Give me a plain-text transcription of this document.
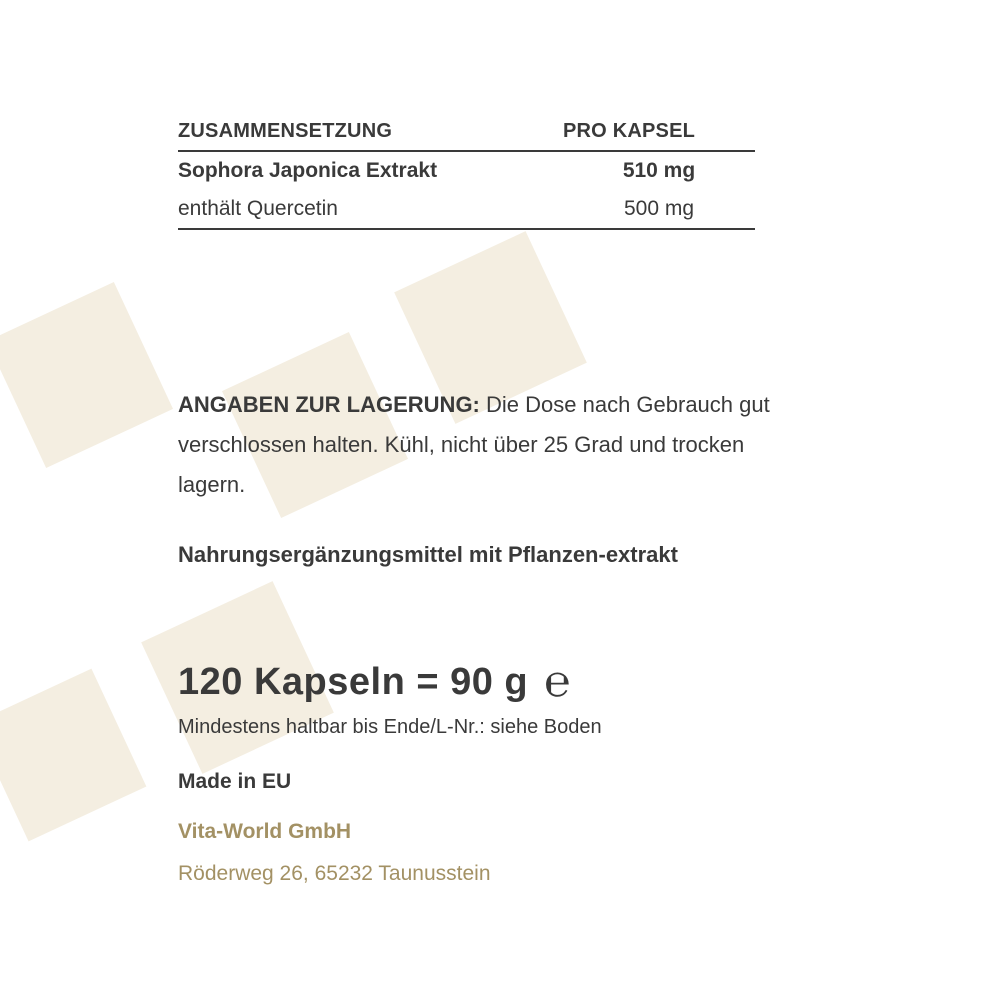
ZUSAMMENSETZUNG	PRO KAPSEL
Sophora Japonica Extrakt	510 mg
enthält Quercetin	500 mg
ANGABEN ZUR LAGERUNG: Die Dose nach Gebrauch gut verschlossen halten. Kühl, nicht über 25 Grad und trocken lagern.
Nahrungsergänzungsmittel mit Pflanzen-extrakt
120 Kapseln = 90 g ℮
Mindestens haltbar bis Ende/L-Nr.: siehe Boden
Made in EU
Vita-World GmbH
Röderweg 26, 65232 Taunusstein
